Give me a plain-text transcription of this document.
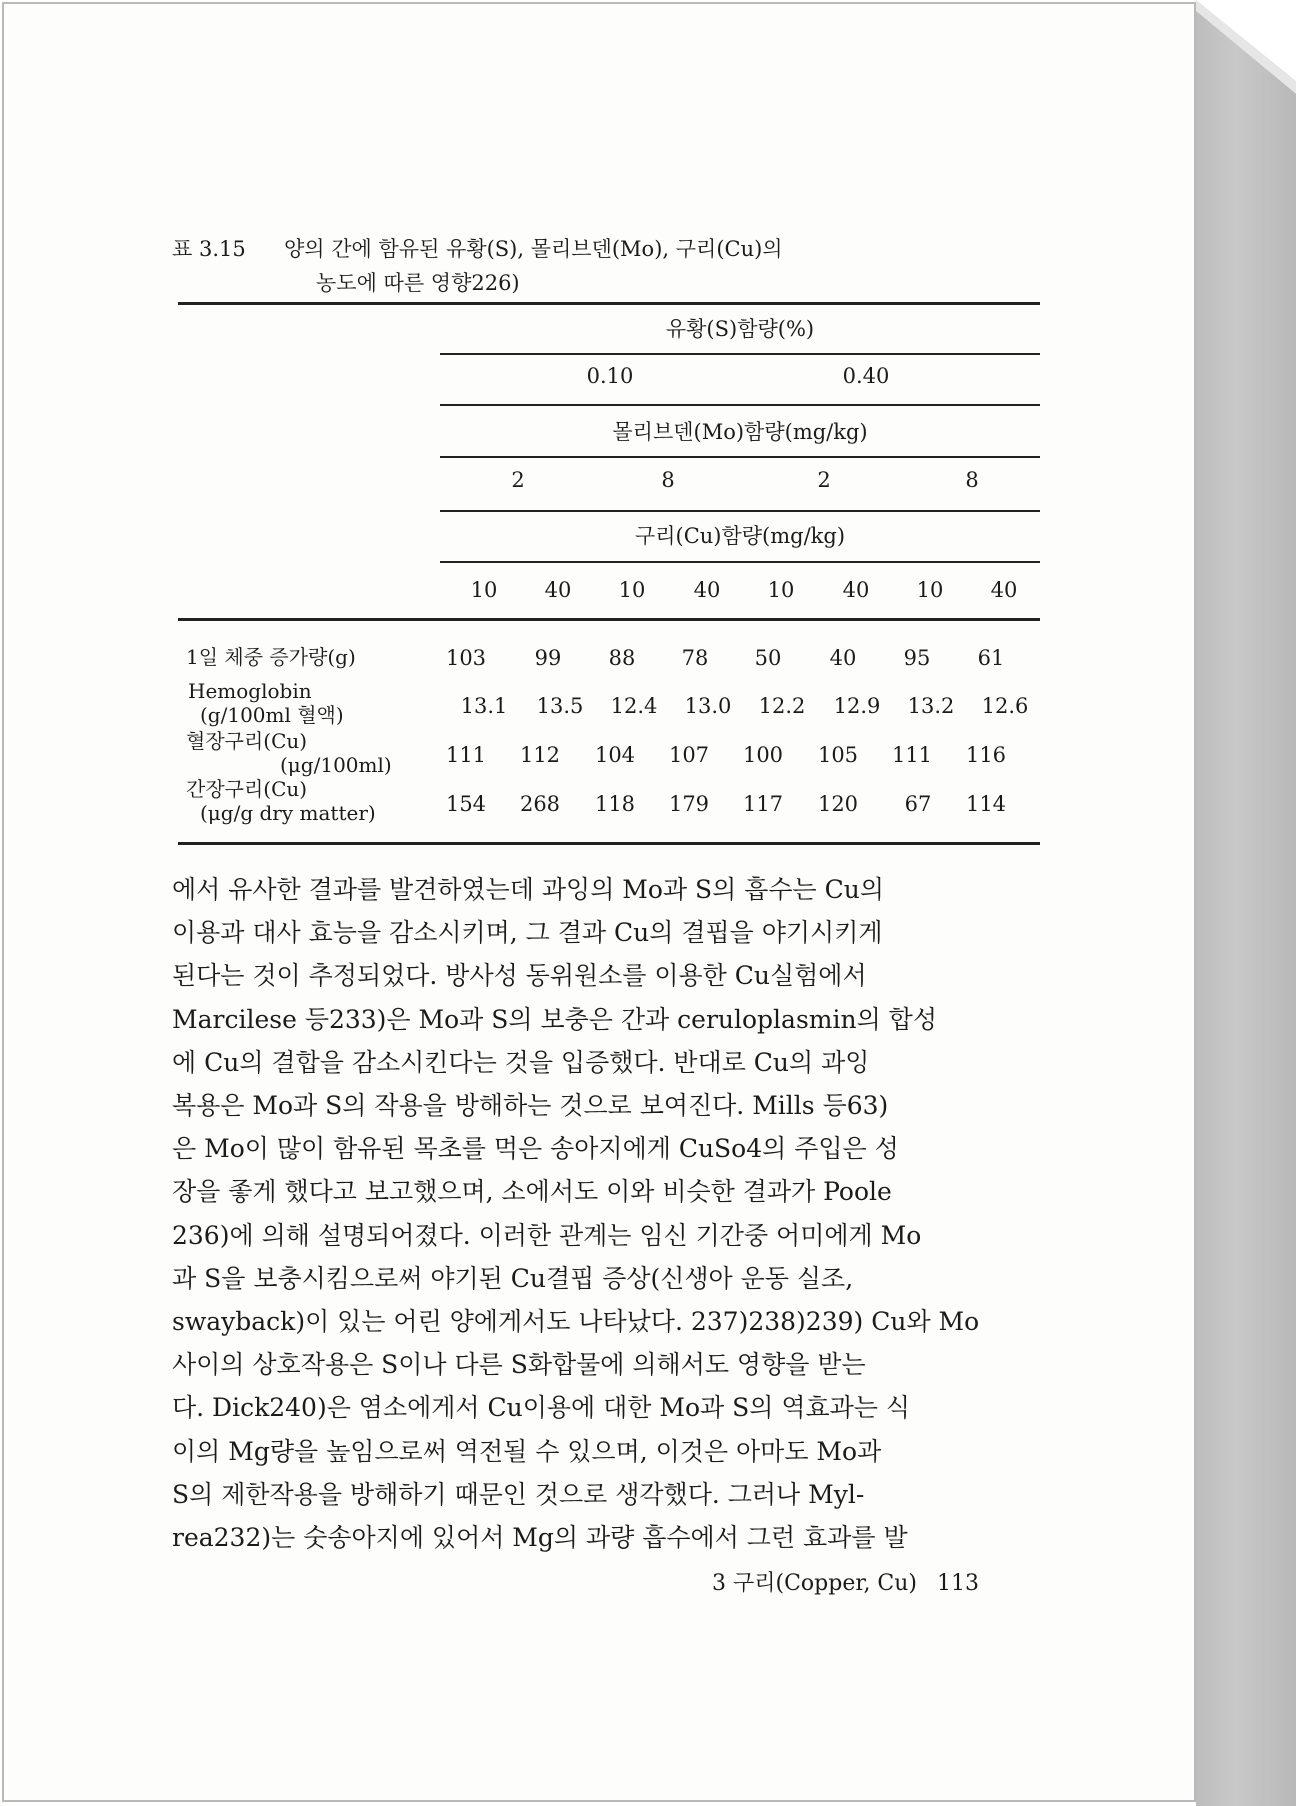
표 3.15 양의 간에 함유된 유황(S), 몰리브덴(Mo), 구리(Cu)의
농도에 따른 영향226)
유황(S)함량(%)
0.10	0.40
몰리브덴(Mo)함량(mg/kg)
2	8	2	8
구리(Cu)함량(mg/kg)
10	40	10	40	10	40	10	40
1일 체중 증가량(g)	103	99	88	78	50	40	95	61
Hemoglobin
(g/100ml 혈액)	13.1	13.5	12.4	13.0	12.2	12.9	13.2	12.6
혈장구리(Cu)
(μg/100ml)	111	112	104	107	100	105	111	116
간장구리(Cu)
(μg/g dry matter)	154	268	118	179	117	120	67	114

에서 유사한 결과를 발견하였는데 과잉의 Mo과 S의 흡수는 Cu의

이용과 대사 효능을 감소시키며, 그 결과 Cu의 결핍을 야기시키게

된다는 것이 추정되었다. 방사성 동위원소를 이용한 Cu실험에서

Marcilese 등233)은 Mo과 S의 보충은 간과 ceruloplasmin의 합성

에 Cu의 결합을 감소시킨다는 것을 입증했다. 반대로 Cu의 과잉

복용은 Mo과 S의 작용을 방해하는 것으로 보여진다. Mills 등63)

은 Mo이 많이 함유된 목초를 먹은 송아지에게 CuSo4의 주입은 성

장을 좋게 했다고 보고했으며, 소에서도 이와 비슷한 결과가 Poole

236)에 의해 설명되어졌다. 이러한 관계는 임신 기간중 어미에게 Mo

과 S을 보충시킴으로써 야기된 Cu결핍 증상(신생아 운동 실조,

swayback)이 있는 어린 양에게서도 나타났다. 237)238)239) Cu와 Mo

사이의 상호작용은 S이나 다른 S화합물에 의해서도 영향을 받는

다. Dick240)은 염소에게서 Cu이용에 대한 Mo과 S의 역효과는 식

이의 Mg량을 높임으로써 역전될 수 있으며, 이것은 아마도 Mo과

S의 제한작용을 방해하기 때문인 것으로 생각했다. 그러나 Myl-

rea232)는 숫송아지에 있어서 Mg의 과량 흡수에서 그런 효과를 발

3 구리(Copper, Cu) 113
